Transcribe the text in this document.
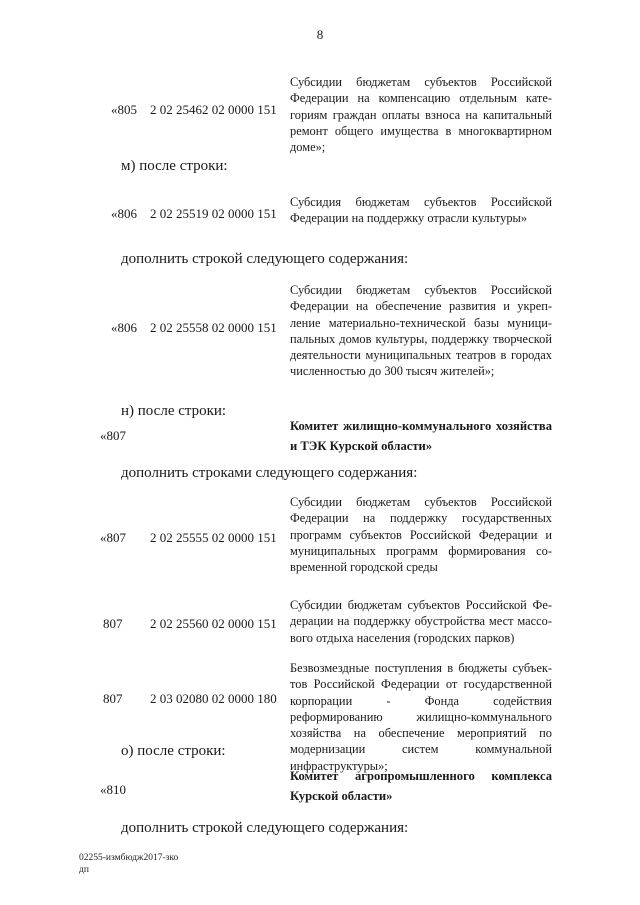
8
«805 2 02 25462 02 0000 151
Субсидии бюджетам субъектов Российской Федерации на компенсацию отдельным категориям граждан оплаты взноса на капитальный ремонт общего имущества в многоквартирном доме»;
м) после строки:
«806 2 02 25519 02 0000 151
Субсидия бюджетам субъектов Российской Федерации на поддержку отрасли культуры»
дополнить строкой следующего содержания:
«806 2 02 25558 02 0000 151
Субсидии бюджетам субъектов Российской Федерации на обеспечение развития и укрепление материально-технической базы муниципальных домов культуры, поддержку творческой деятельности муниципальных театров в городах численностью до 300 тысяч жителей»;
н) после строки:
«807
Комитет жилищно-коммунального хозяйства и ТЭК Курской области»
дополнить строками следующего содержания:
«807 2 02 25555 02 0000 151
Субсидии бюджетам субъектов Российской Федерации на поддержку государственных программ субъектов Российской Федерации и муниципальных программ формирования современной городской среды
807 2 02 25560 02 0000 151
Субсидии бюджетам субъектов Российской Федерации на поддержку обустройства мест массового отдыха населения (городских парков)
807 2 03 02080 02 0000 180
Безвозмездные поступления в бюджеты субъектов Российской Федерации от государственной корпорации - Фонда содействия реформированию жилищно-коммунального хозяйства на обеспечение мероприятий по модернизации систем коммунальной инфраструктуры»;
о) после строки:
«810
Комитет агропромышленного комплекса Курской области»
дополнить строкой следующего содержания:
02255-измбюдж2017-зко
дп
